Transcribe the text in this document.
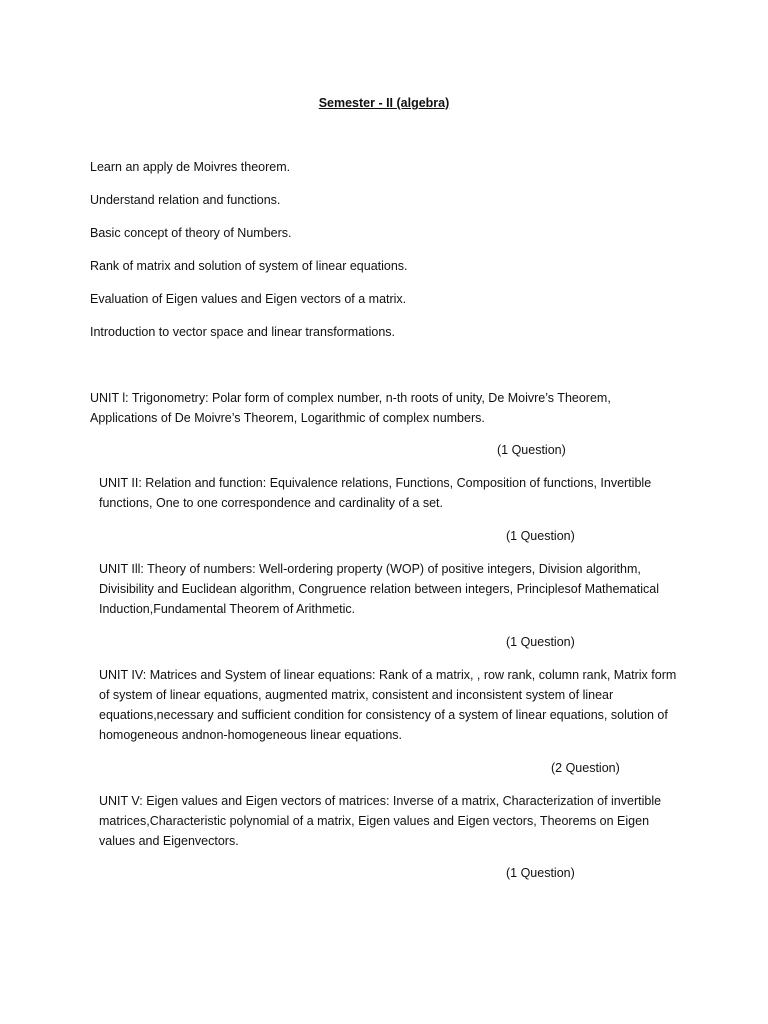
Semester - II (algebra)
Learn an apply de Moivres theorem.
Understand relation and functions.
Basic concept of theory of Numbers.
Rank of matrix and solution of system of linear equations.
Evaluation of Eigen values and Eigen vectors of a matrix.
Introduction to vector space and linear transformations.

UNIT l: Trigonometry: Polar form of complex number, n-th roots of unity, De Moivre’s Theorem, Applications of De Moivre’s Theorem, Logarithmic of complex numbers.

(1 Question)

UNIT II: Relation and function: Equivalence relations, Functions, Composition of functions, Invertible functions, One to one correspondence and cardinality of a set.

(1 Question)

UNIT Ill: Theory of numbers: Well-ordering property (WOP) of positive integers, Division algorithm, Divisibility and Euclidean algorithm, Congruence relation between integers, Principlesof Mathematical Induction,Fundamental Theorem of Arithmetic.

(1 Question)

UNIT IV: Matrices and System of linear equations: Rank of a matrix, , row rank, column rank, Matrix form of system of linear equations, augmented matrix, consistent and inconsistent system of linear equations,necessary and sufficient condition for consistency of a system of linear equations, solution of homogeneous andnon-homogeneous linear equations.

(2 Question)

UNIT V: Eigen values and Eigen vectors of matrices: Inverse of a matrix, Characterization of invertible matrices,Characteristic polynomial of a matrix, Eigen values and Eigen vectors, Theorems on Eigen values and Eigenvectors.

(1 Question)
